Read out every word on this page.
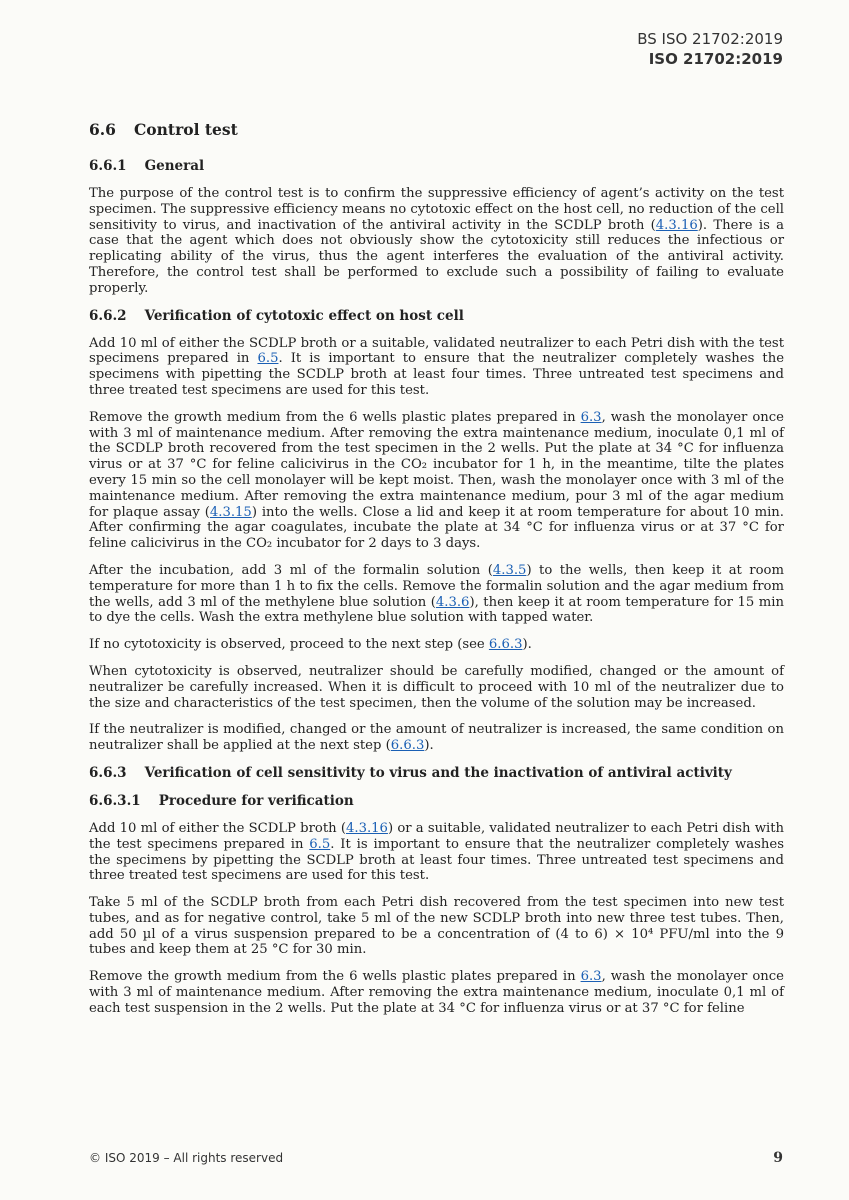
BS ISO 21702:2019
ISO 21702:2019
6.6 Control test
6.6.1 General

The purpose of the control test is to confirm the suppressive efficiency of agent’s activity on the test specimen. The suppressive efficiency means no cytotoxic effect on the host cell, no reduction of the cell sensitivity to virus, and inactivation of the antiviral activity in the SCDLP broth (4.3.16). There is a case that the agent which does not obviously show the cytotoxicity still reduces the infectious or replicating ability of the virus, thus the agent interferes the evaluation of the antiviral activity. Therefore, the control test shall be performed to exclude such a possibility of failing to evaluate properly.

6.6.2 Verification of cytotoxic effect on host cell

Add 10 ml of either the SCDLP broth or a suitable, validated neutralizer to each Petri dish with the test specimens prepared in 6.5. It is important to ensure that the neutralizer completely washes the specimens with pipetting the SCDLP broth at least four times. Three untreated test specimens and three treated test specimens are used for this test.

Remove the growth medium from the 6 wells plastic plates prepared in 6.3, wash the monolayer once with 3 ml of maintenance medium. After removing the extra maintenance medium, inoculate 0,1 ml of the SCDLP broth recovered from the test specimen in the 2 wells. Put the plate at 34 °C for influenza virus or at 37 °C for feline calicivirus in the CO₂ incubator for 1 h, in the meantime, tilte the plates every 15 min so the cell monolayer will be kept moist. Then, wash the monolayer once with 3 ml of the maintenance medium. After removing the extra maintenance medium, pour 3 ml of the agar medium for plaque assay (4.3.15) into the wells. Close a lid and keep it at room temperature for about 10 min. After confirming the agar coagulates, incubate the plate at 34 °C for influenza virus or at 37 °C for feline calicivirus in the CO₂ incubator for 2 days to 3 days.

After the incubation, add 3 ml of the formalin solution (4.3.5) to the wells, then keep it at room temperature for more than 1 h to fix the cells. Remove the formalin solution and the agar medium from the wells, add 3 ml of the methylene blue solution (4.3.6), then keep it at room temperature for 15 min to dye the cells. Wash the extra methylene blue solution with tapped water.

If no cytotoxicity is observed, proceed to the next step (see 6.6.3).

When cytotoxicity is observed, neutralizer should be carefully modified, changed or the amount of neutralizer be carefully increased. When it is difficult to proceed with 10 ml of the neutralizer due to the size and characteristics of the test specimen, then the volume of the solution may be increased.

If the neutralizer is modified, changed or the amount of neutralizer is increased, the same condition on neutralizer shall be applied at the next step (6.6.3).

6.6.3 Verification of cell sensitivity to virus and the inactivation of antiviral activity
6.6.3.1 Procedure for verification

Add 10 ml of either the SCDLP broth (4.3.16) or a suitable, validated neutralizer to each Petri dish with the test specimens prepared in 6.5. It is important to ensure that the neutralizer completely washes the specimens by pipetting the SCDLP broth at least four times. Three untreated test specimens and three treated test specimens are used for this test.

Take 5 ml of the SCDLP broth from each Petri dish recovered from the test specimen into new test tubes, and as for negative control, take 5 ml of the new SCDLP broth into new three test tubes. Then, add 50 µl of a virus suspension prepared to be a concentration of (4 to 6) × 10⁴ PFU/ml into the 9 tubes and keep them at 25 °C for 30 min.

Remove the growth medium from the 6 wells plastic plates prepared in 6.3, wash the monolayer once with 3 ml of maintenance medium. After removing the extra maintenance medium, inoculate 0,1 ml of each test suspension in the 2 wells. Put the plate at 34 °C for influenza virus or at 37 °C for feline

© ISO 2019 – All rights reserved	9
